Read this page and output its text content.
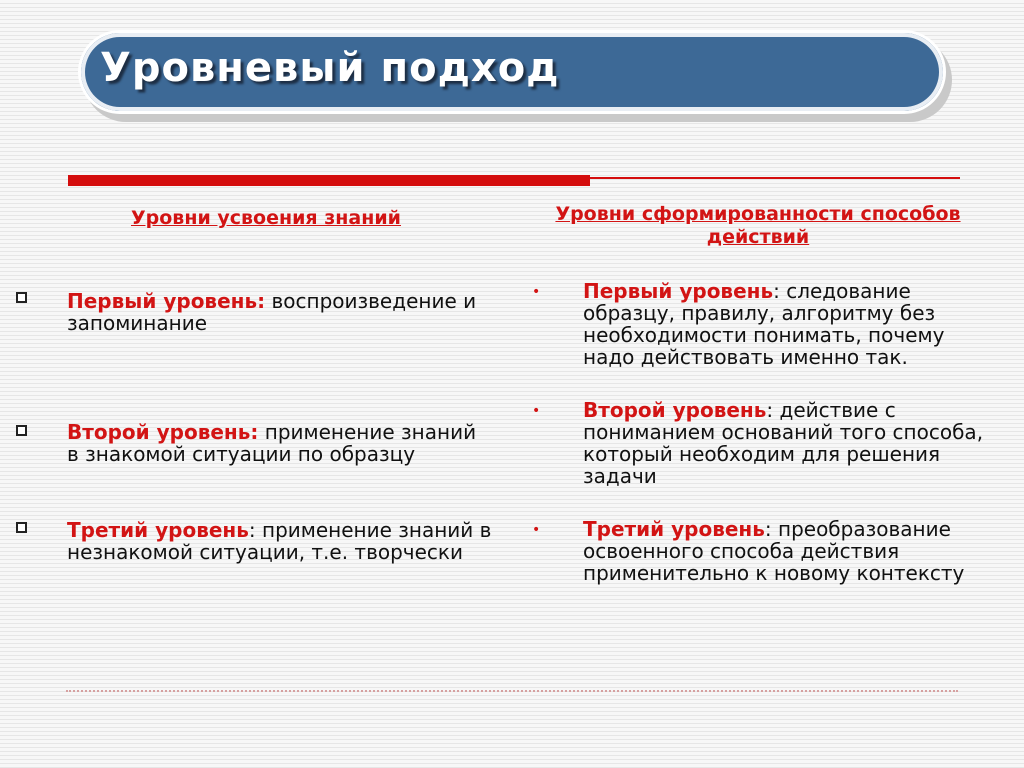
Уровневый подход
Уровни усвоения знаний	Уровни сформированности способов действий
Первый уровень: воспроизведение и запоминание
Второй уровень: применение знаний в знакомой ситуации по образцу
Третий уровень: применение знаний в незнакомой ситуации, т.е. творчески
• Первый уровень: следование образцу, правилу, алгоритму без необходимости понимать, почему надо действовать именно так.
• Второй уровень: действие с пониманием оснований того способа, который необходим для решения задачи
• Третий уровень: преобразование освоенного способа действия применительно к новому контексту
